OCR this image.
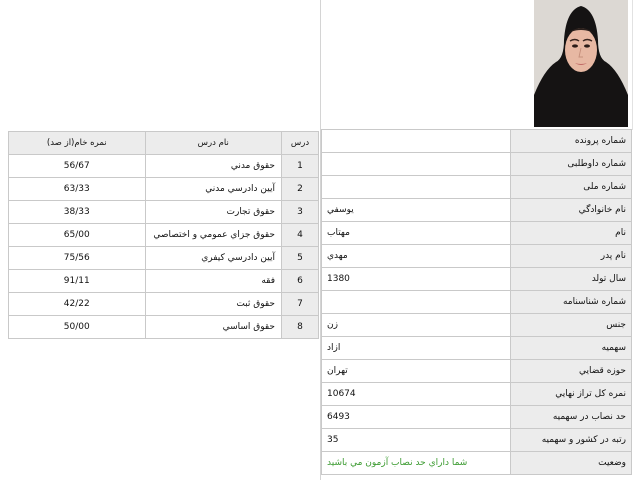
	شماره پرونده

	شماره داوطلبی

	شماره ملی

يوسفي	نام خانوادگي

مهتاب	نام

مهدي	نام پدر

1380	سال تولد

	شماره شناسنامه

زن	جنس

ازاد	سهميه

تهران	حوزه قضايي

10674	نمره كل تراز نهايي

6493	حد نصاب در سهميه

35	رتبه در كشور و سهميه

شما داراي حد نصاب آزمون مي باشيد	وضعيت
نمره خام(از صد)	نام درس	درس
56/67	حقوق مدني	1
63/33	آيين دادرسي مدني	2
38/33	حقوق تجارت	3
65/00	حقوق جزاي عمومي و اختصاصي	4
75/56	آيين دادرسي كيفري	5
91/11	فقه	6
42/22	حقوق ثبت	7
50/00	حقوق اساسي	8
